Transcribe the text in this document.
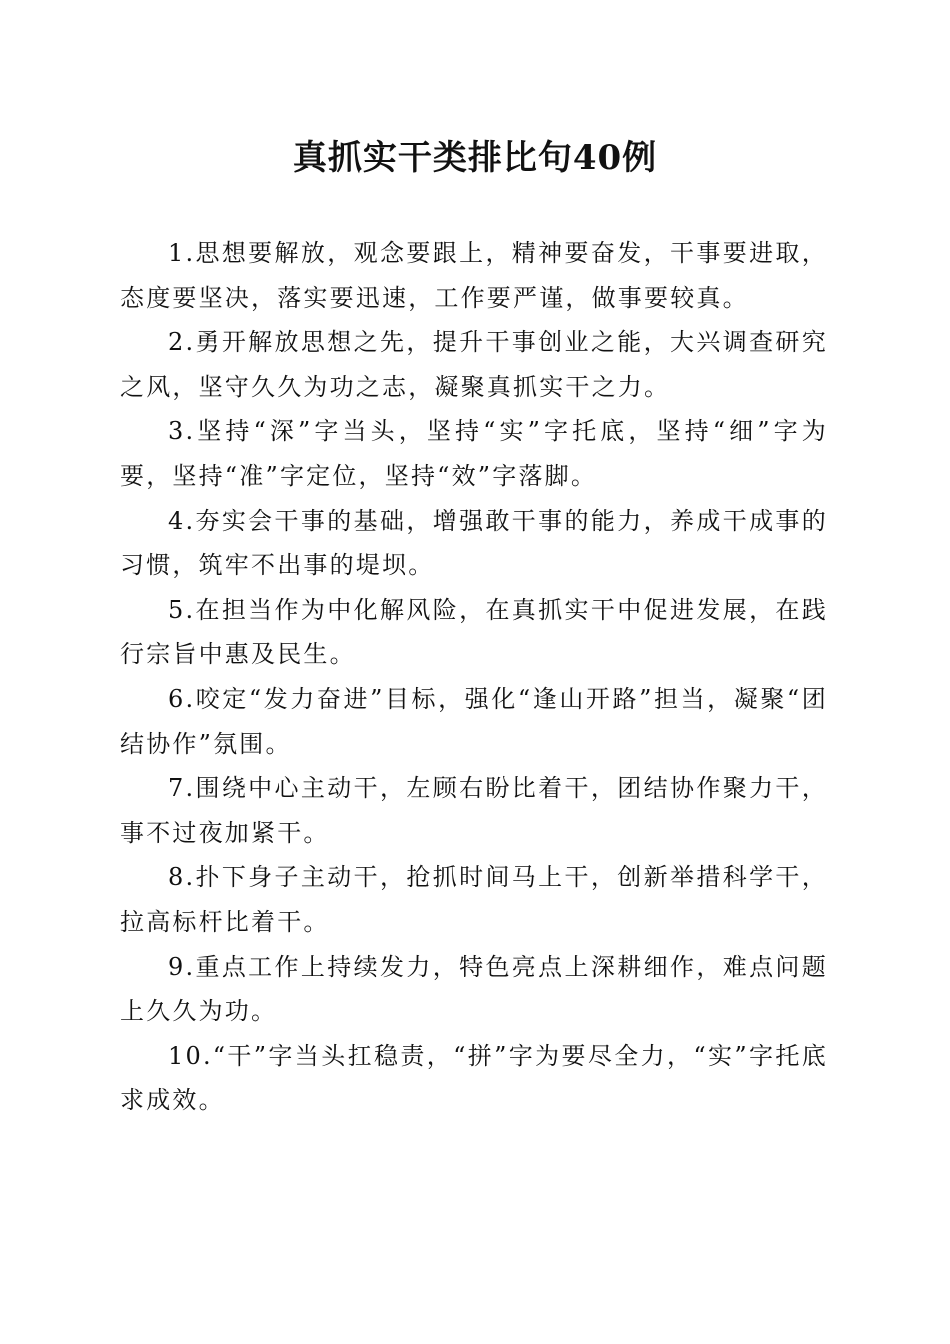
真抓实干类排比句40例

1.思想要解放，观念要跟上，精神要奋发，干事要进取，态度要坚决，落实要迅速，工作要严谨，做事要较真。

2.勇开解放思想之先，提升干事创业之能，大兴调查研究之风，坚守久久为功之志，凝聚真抓实干之力。

3.坚持“深”字当头，坚持“实”字托底，坚持“细”字为要，坚持“准”字定位，坚持“效”字落脚。

4.夯实会干事的基础，增强敢干事的能力，养成干成事的习惯，筑牢不出事的堤坝。

5.在担当作为中化解风险，在真抓实干中促进发展，在践行宗旨中惠及民生。

6.咬定“发力奋进”目标，强化“逢山开路”担当，凝聚“团结协作”氛围。

7.围绕中心主动干，左顾右盼比着干，团结协作聚力干，事不过夜加紧干。

8.扑下身子主动干，抢抓时间马上干，创新举措科学干，拉高标杆比着干。

9.重点工作上持续发力，特色亮点上深耕细作，难点问题上久久为功。

10.“干”字当头扛稳责，“拼”字为要尽全力，“实”字托底求成效。
